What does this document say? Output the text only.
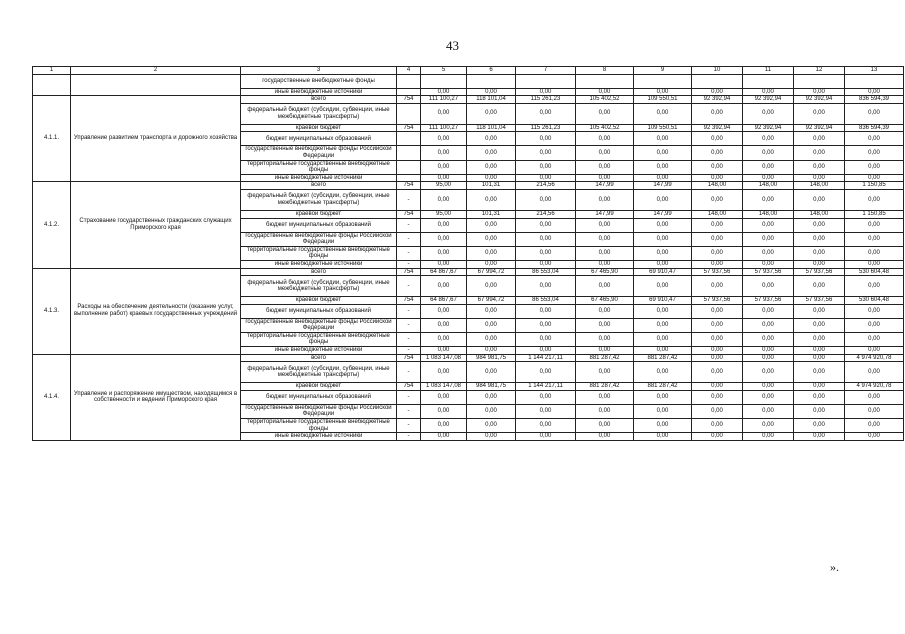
43
1	2	3	4	5	6	7	8	9	10	11	12	13
		государственные внебюджетные фонды										
		иные внебюджетные источники		0,00	0,00	0,00	0,00	0,00	0,00	0,00	0,00	0,00
4.1.1.	Управление развитием транспорта и дорожного хозяйства	всего	754	111 100,27	118 101,04	115 261,23	105 402,52	109 550,51	92 392,94	92 392,94	92 392,94	836 594,39
		федеральный бюджет (субсидии, субвенции, иные межбюджетные трансферты)		0,00	0,00	0,00	0,00	0,00	0,00	0,00	0,00	0,00
		краевой бюджет	754	111 100,27	118 101,04	115 261,23	105 402,52	109 550,51	92 392,94	92 392,94	92 392,94	836 594,39
		бюджет муниципальных образований		0,00	0,00	0,00	0,00	0,00	0,00	0,00	0,00	0,00
		государственные внебюджетные фонды Российской Федерации		0,00	0,00	0,00	0,00	0,00	0,00	0,00	0,00	0,00
		территориальные государственные внебюджетные фонды		0,00	0,00	0,00	0,00	0,00	0,00	0,00	0,00	0,00
		иные внебюджетные источники		0,00	0,00	0,00	0,00	0,00	0,00	0,00	0,00	0,00
4.1.2.	Страхование государственных гражданских служащих Приморского края	всего	754	95,00	101,31	214,56	147,99	147,99	148,00	148,00	148,00	1 150,85
		федеральный бюджет (субсидии, субвенции, иные межбюджетные трансферты)	-	0,00	0,00	0,00	0,00	0,00	0,00	0,00	0,00	0,00
		краевой бюджет	754	95,00	101,31	214,56	147,99	147,99	148,00	148,00	148,00	1 150,85
		бюджет муниципальных образований	-	0,00	0,00	0,00	0,00	0,00	0,00	0,00	0,00	0,00
		государственные внебюджетные фонды Российской Федерации	-	0,00	0,00	0,00	0,00	0,00	0,00	0,00	0,00	0,00
		территориальные государственные внебюджетные фонды	-	0,00	0,00	0,00	0,00	0,00	0,00	0,00	0,00	0,00
		иные внебюджетные источники	-	0,00	0,00	0,00	0,00	0,00	0,00	0,00	0,00	0,00
4.1.3.	Расходы на обеспечение деятельности (оказание услуг, выполнение работ) краевых государственных учреждений	всего	754	64 867,67	67 994,72	86 553,04	67 465,90	69 910,47	57 937,56	57 937,56	57 937,56	530 604,48
		федеральный бюджет (субсидии, субвенции, иные межбюджетные трансферты)	-	0,00	0,00	0,00	0,00	0,00	0,00	0,00	0,00	0,00
		краевой бюджет	754	64 867,67	67 994,72	86 553,04	67 465,90	69 910,47	57 937,56	57 937,56	57 937,56	530 604,48
		бюджет муниципальных образований	-	0,00	0,00	0,00	0,00	0,00	0,00	0,00	0,00	0,00
		государственные внебюджетные фонды Российской Федерации	-	0,00	0,00	0,00	0,00	0,00	0,00	0,00	0,00	0,00
		территориальные государственные внебюджетные фонды	-	0,00	0,00	0,00	0,00	0,00	0,00	0,00	0,00	0,00
		иные внебюджетные источники	-	0,00	0,00	0,00	0,00	0,00	0,00	0,00	0,00	0,00
4.1.4.	Управление и распоряжение имуществом, находящимся в собственности и ведении Приморского края	всего	754	1 083 147,08	984 981,75	1 144 217,11	881 287,42	881 287,42	0,00	0,00	0,00	4 974 920,78
		федеральный бюджет (субсидии, субвенции, иные межбюджетные трансферты)	-	0,00	0,00	0,00	0,00	0,00	0,00	0,00	0,00	0,00
		краевой бюджет	754	1 083 147,08	984 981,75	1 144 217,11	881 287,42	881 287,42	0,00	0,00	0,00	4 974 920,78
		бюджет муниципальных образований	-	0,00	0,00	0,00	0,00	0,00	0,00	0,00	0,00	0,00
		государственные внебюджетные фонды Российской Федерации	-	0,00	0,00	0,00	0,00	0,00	0,00	0,00	0,00	0,00
		территориальные государственные внебюджетные фонды	-	0,00	0,00	0,00	0,00	0,00	0,00	0,00	0,00	0,00
		иные внебюджетные источники	-	0,00	0,00	0,00	0,00	0,00	0,00	0,00	0,00	0,00
».
